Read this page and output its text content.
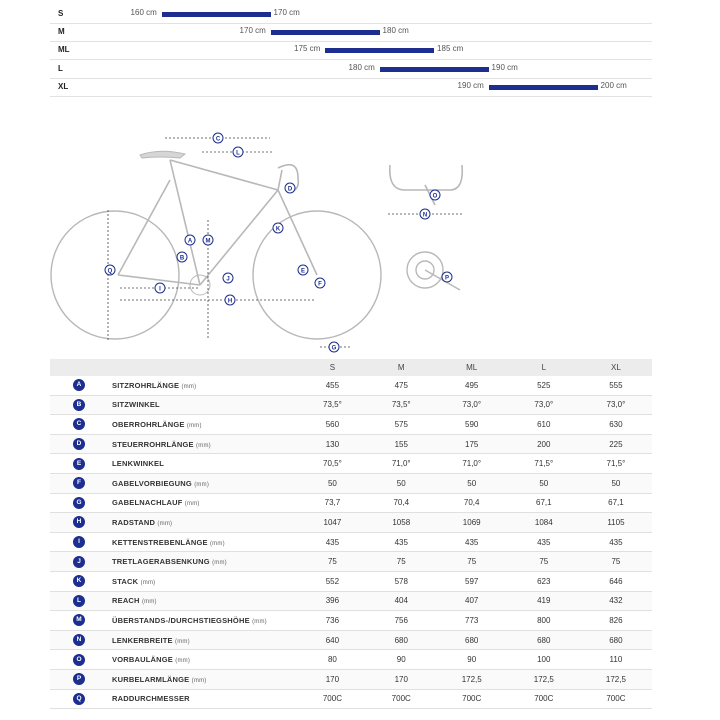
S	160 cm	170 cm
M	170 cm	180 cm
ML	175 cm	185 cm
L	180 cm	190 cm
XL	190 cm	200 cm
A
B
C
D
E
F
G
H
I
J
K
L
M
N
O
P
Q
		S	M	ML	L	XL
A	SITZROHRLÄNGE (mm)	455	475	495	525	555
B	SITZWINKEL	73,5°	73,5°	73,0°	73,0°	73,0°
C	OBERROHRLÄNGE (mm)	560	575	590	610	630
D	STEUERROHRLÄNGE (mm)	130	155	175	200	225
E	LENKWINKEL	70,5°	71,0°	71,0°	71,5°	71,5°
F	GABELVORBIEGUNG (mm)	50	50	50	50	50
G	GABELNACHLAUF (mm)	73,7	70,4	70,4	67,1	67,1
H	RADSTAND (mm)	1047	1058	1069	1084	1105
I	KETTENSTREBENLÄNGE (mm)	435	435	435	435	435
J	TRETLAGERABSENKUNG (mm)	75	75	75	75	75
K	STACK (mm)	552	578	597	623	646
L	REACH (mm)	396	404	407	419	432
M	ÜBERSTANDS-/DURCHSTIEGSHÖHE (mm)	736	756	773	800	826
N	LENKERBREITE (mm)	640	680	680	680	680
O	VORBAULÄNGE (mm)	80	90	90	100	110
P	KURBELARMLÄNGE (mm)	170	170	172,5	172,5	172,5
Q	RADDURCHMESSER	700C	700C	700C	700C	700C
